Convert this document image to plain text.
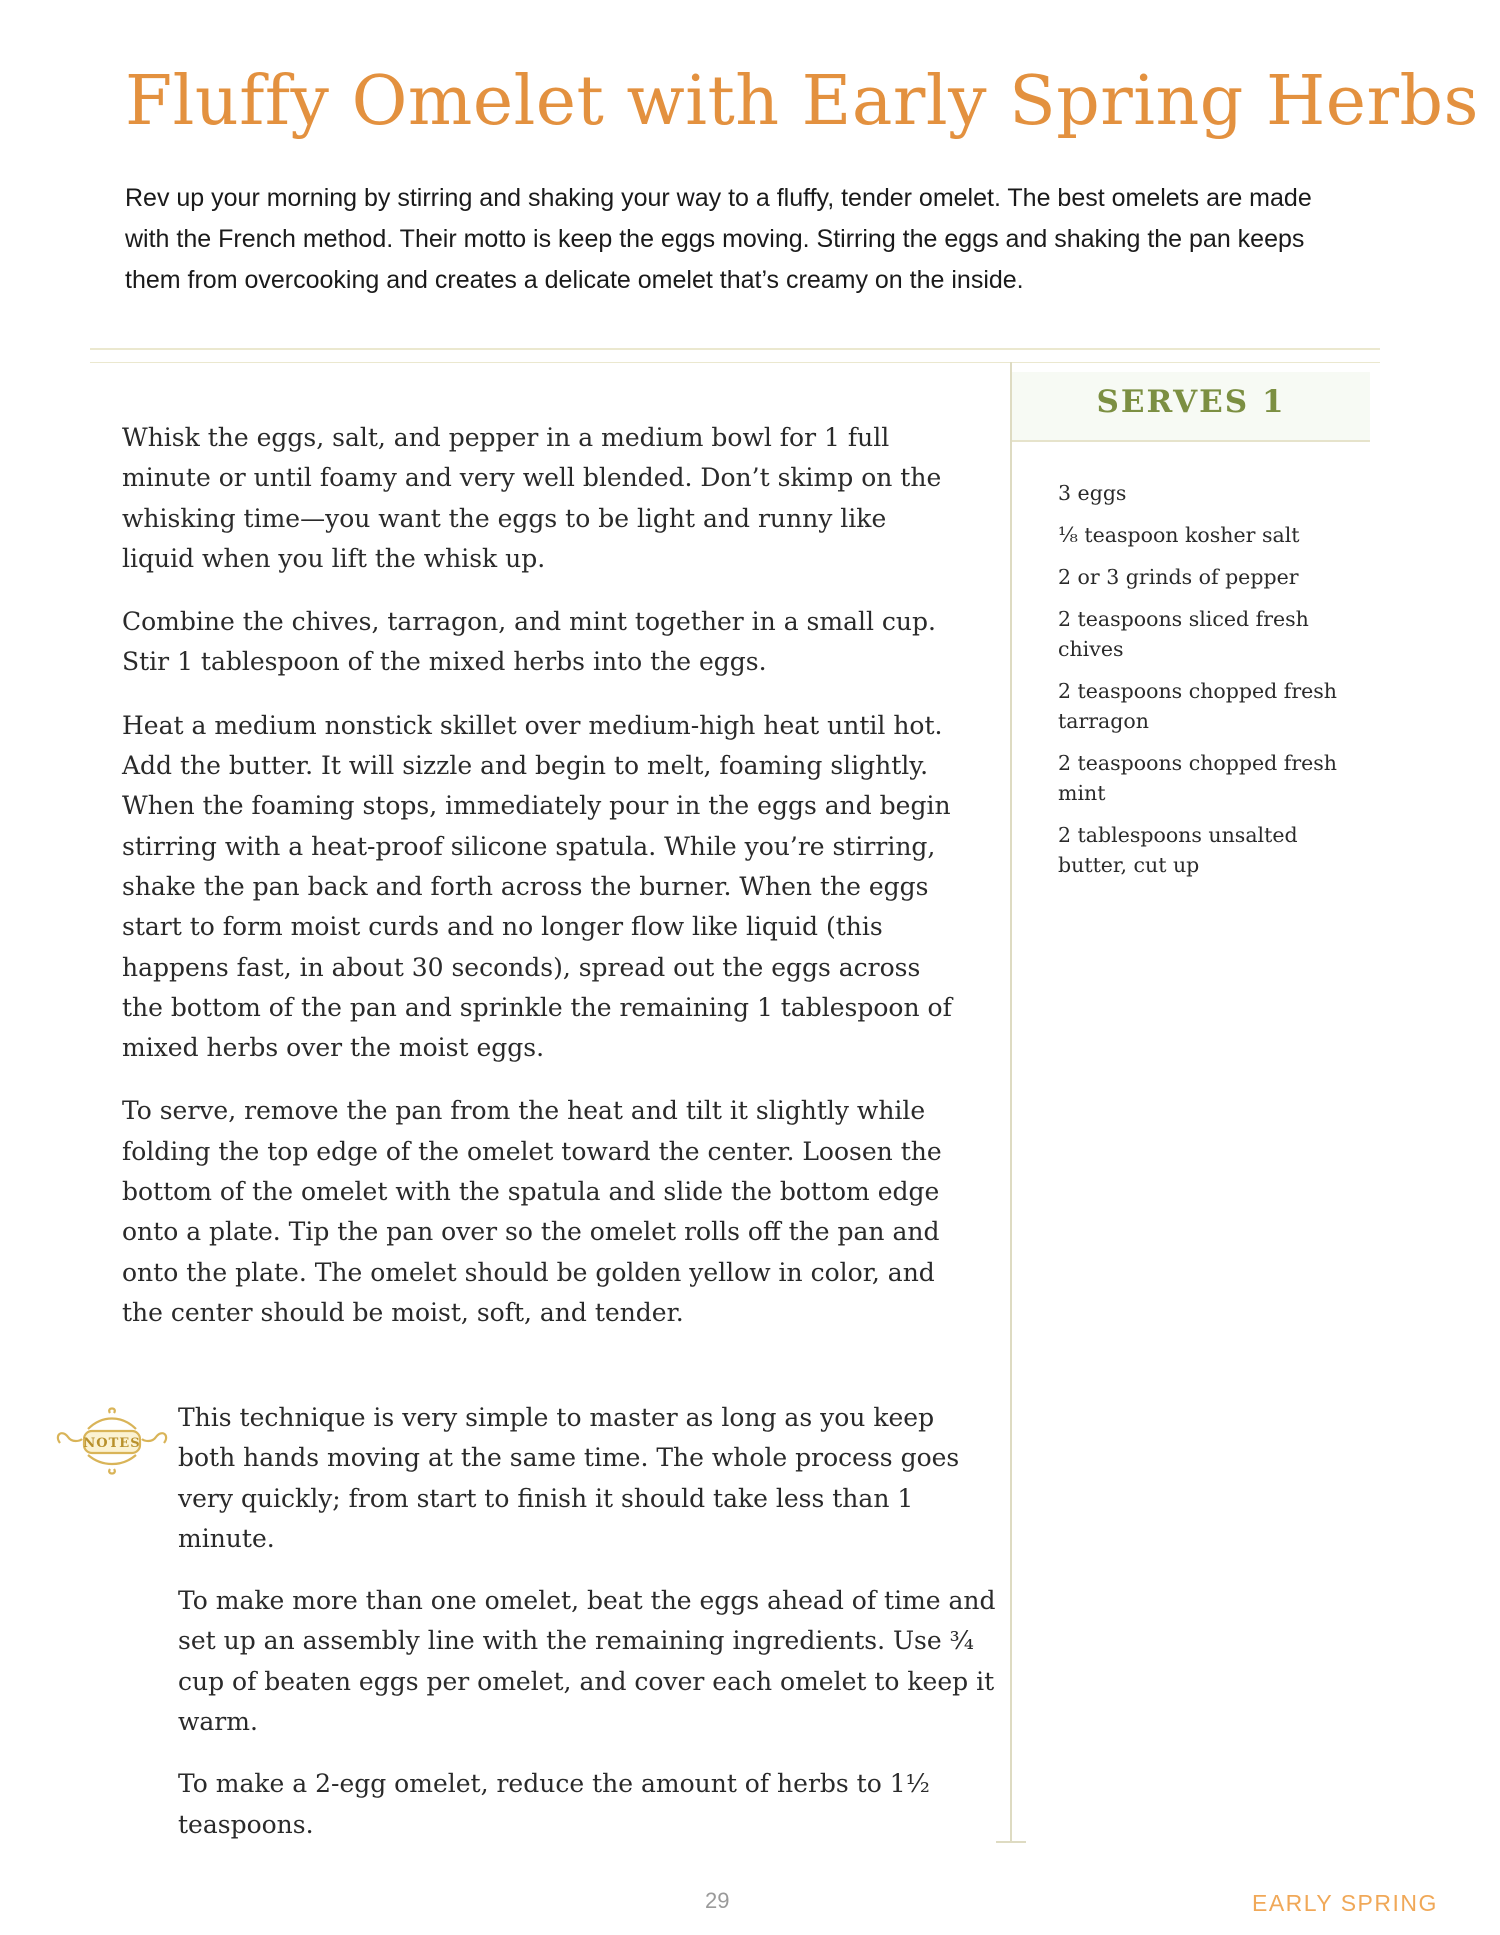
Fluffy Omelet with Early Spring Herbs

Rev up your morning by stirring and shaking your way to a fluffy, tender omelet. The best omelets are made with the French method. Their motto is keep the eggs moving. Stirring the eggs and shaking the pan keeps them from overcooking and creates a delicate omelet that’s creamy on the inside.

Whisk the eggs, salt, and pepper in a medium bowl for 1 full minute or until foamy and very well blended. Don’t skimp on the whisking time—you want the eggs to be light and runny like liquid when you lift the whisk up.

Combine the chives, tarragon, and mint together in a small cup. Stir 1 tablespoon of the mixed herbs into the eggs.

Heat a medium nonstick skillet over medium-high heat until hot. Add the butter. It will sizzle and begin to melt, foaming slightly. When the foaming stops, immediately pour in the eggs and begin stirring with a heat-proof silicone spatula. While you’re stirring, shake the pan back and forth across the burner. When the eggs start to form moist curds and no longer flow like liquid (this happens fast, in about 30 seconds), spread out the eggs across the bottom of the pan and sprinkle the remaining 1 tablespoon of mixed herbs over the moist eggs.

To serve, remove the pan from the heat and tilt it slightly while folding the top edge of the omelet toward the center. Loosen the bottom of the omelet with the spatula and slide the bottom edge onto a plate. Tip the pan over so the omelet rolls off the pan and onto the plate. The omelet should be golden yellow in color, and the center should be moist, soft, and tender.

NOTES

This technique is very simple to master as long as you keep both hands moving at the same time. The whole process goes very quickly; from start to finish it should take less than 1 minute.

To make more than one omelet, beat the eggs ahead of time and set up an assembly line with the remaining ingredients. Use ³⁄₄ cup of beaten eggs per omelet, and cover each omelet to keep it warm.

To make a 2-egg omelet, reduce the amount of herbs to 1¹⁄₂ teaspoons.

SERVES 1
3 eggs
¹⁄₈ teaspoon kosher salt
2 or 3 grinds of pepper
2 teaspoons sliced fresh chives
2 teaspoons chopped fresh tarragon
2 teaspoons chopped fresh mint
2 tablespoons unsalted butter, cut up
29	EARLY SPRING
